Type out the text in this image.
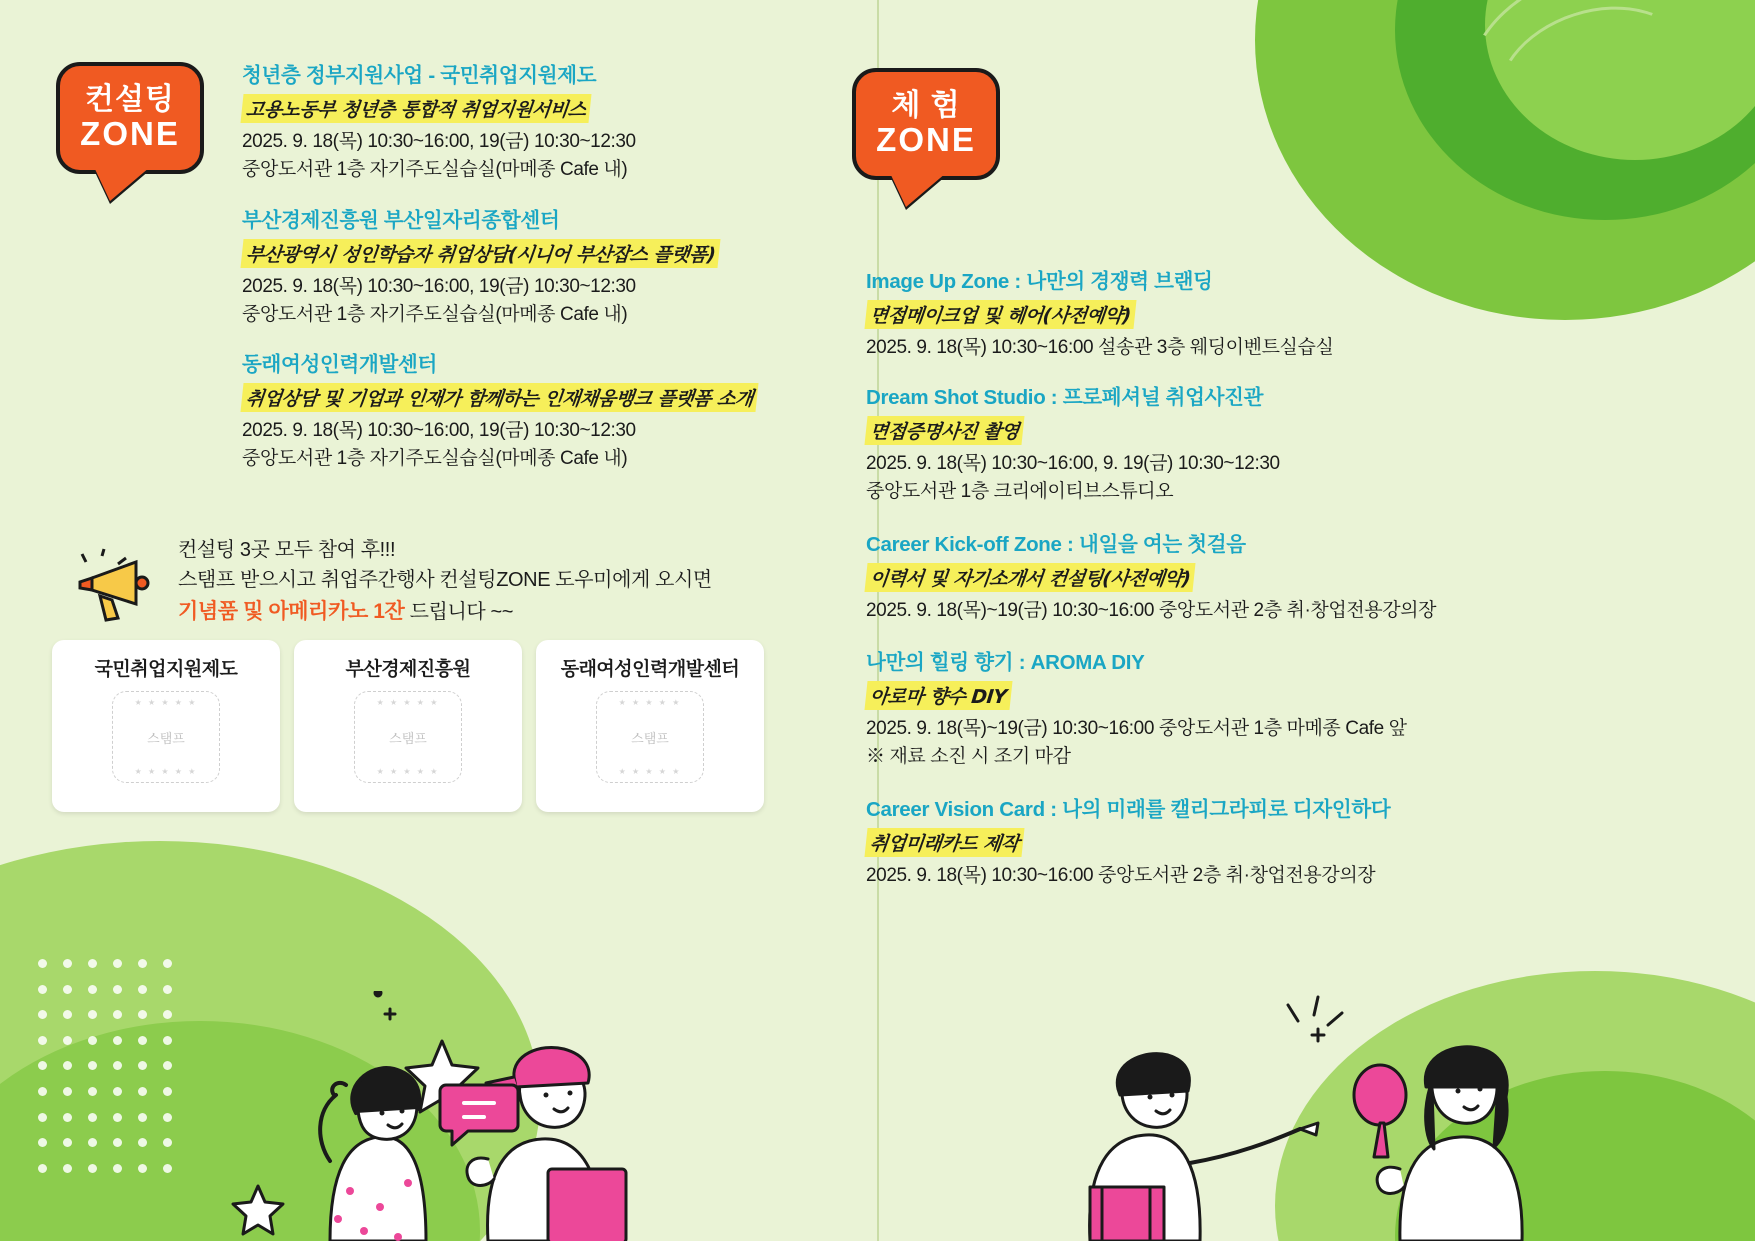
컨설팅
ZONE
청년층 정부지원사업 - 국민취업지원제도
고용노동부 청년층 통합적 취업지원서비스
2025. 9. 18(목) 10:30~16:00, 19(금) 10:30~12:30
중앙도서관 1층 자기주도실습실(마메종 Cafe 내)
부산경제진흥원 부산일자리종합센터
부산광역시 성인학습자 취업상담(시니어 부산잡스 플랫폼)
2025. 9. 18(목) 10:30~16:00, 19(금) 10:30~12:30
중앙도서관 1층 자기주도실습실(마메종 Cafe 내)
동래여성인력개발센터
취업상담 및 기업과 인재가 함께하는 인재채움뱅크 플랫폼 소개
2025. 9. 18(목) 10:30~16:00, 19(금) 10:30~12:30
중앙도서관 1층 자기주도실습실(마메종 Cafe 내)
컨설팅 3곳 모두 참여 후!!!
스탬프 받으시고 취업주간행사 컨설팅ZONE 도우미에게 오시면
기념품 및 아메리카노 1잔 드립니다 ~~
국민취업지원제도
★ ★ ★ ★ ★ 스탬프
★ ★ ★ ★ ★
부산경제진흥원
★ ★ ★ ★ ★ 스탬프
★ ★ ★ ★ ★
동래여성인력개발센터
★ ★ ★ ★ ★ 스탬프
★ ★ ★ ★ ★
체 험
ZONE
Image Up Zone : 나만의 경쟁력 브랜딩
면접메이크업 및 헤어(사전예약)
2025. 9. 18(목) 10:30~16:00 설송관 3층 웨딩이벤트실습실
Dream Shot Studio : 프로페셔널 취업사진관
면접증명사진 촬영
2025. 9. 18(목) 10:30~16:00, 9. 19(금) 10:30~12:30
중앙도서관 1층 크리에이티브스튜디오
Career Kick-off Zone : 내일을 여는 첫걸음
이력서 및 자기소개서 컨설팅(사전예약)
2025. 9. 18(목)~19(금) 10:30~16:00 중앙도서관 2층 취·창업전용강의장
나만의 힐링 향기 : AROMA DIY
아로마 향수 DIY
2025. 9. 18(목)~19(금) 10:30~16:00 중앙도서관 1층 마메종 Cafe 앞
※ 재료 소진 시 조기 마감
Career Vision Card : 나의 미래를 캘리그라피로 디자인하다
취업미래카드 제작
2025. 9. 18(목) 10:30~16:00 중앙도서관 2층 취·창업전용강의장
